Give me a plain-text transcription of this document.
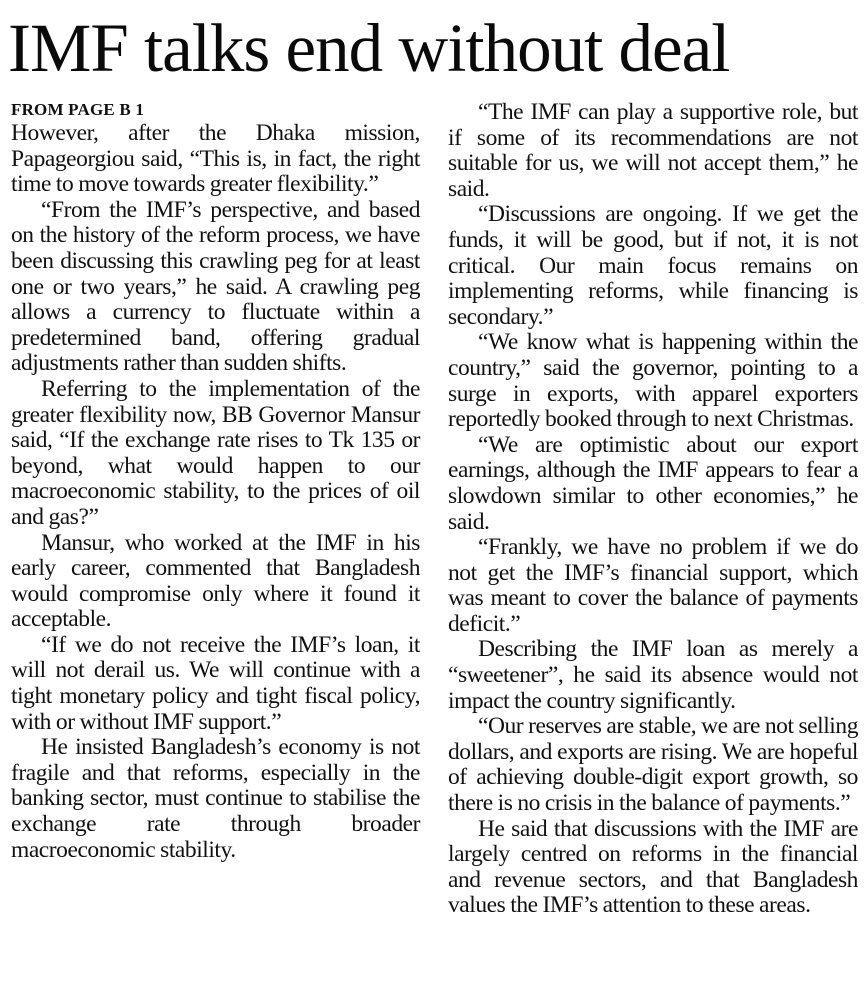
IMF talks end without deal
FROM PAGE B 1

However, after the Dhaka mission, Papageorgiou said, “This is, in fact, the right time to move towards greater flexibility.”

“From the IMF’s perspective, and based on the history of the reform process, we have been discussing this crawling peg for at least one or two years,” he said. A crawling peg allows a currency to fluctuate within a predetermined band, offering gradual adjustments rather than sudden shifts.

Referring to the implementation of the greater flexibility now, BB Governor Mansur said, “If the exchange rate rises to Tk 135 or beyond, what would happen to our macroeconomic stability, to the prices of oil and gas?”

Mansur, who worked at the IMF in his early career, commented that Bangladesh would compromise only where it found it acceptable.

“If we do not receive the IMF’s loan, it will not derail us. We will continue with a tight monetary policy and tight fiscal policy, with or without IMF support.”

He insisted Bangladesh’s economy is not fragile and that reforms, especially in the banking sector, must continue to stabilise the exchange rate through broader macroeconomic stability.

“The IMF can play a supportive role, but if some of its recommendations are not suitable for us, we will not accept them,” he said.

“Discussions are ongoing. If we get the funds, it will be good, but if not, it is not critical. Our main focus remains on implementing reforms, while financing is secondary.”

“We know what is happening within the country,” said the governor, pointing to a surge in exports, with apparel exporters reportedly booked through to next Christmas.

“We are optimistic about our export earnings, although the IMF appears to fear a slowdown similar to other economies,” he said.

“Frankly, we have no problem if we do not get the IMF’s financial support, which was meant to cover the balance of payments deficit.”

Describing the IMF loan as merely a “sweetener”, he said its absence would not impact the country significantly.

“Our reserves are stable, we are not selling dollars, and exports are rising. We are hopeful of achieving double-digit export growth, so there is no crisis in the balance of payments.”

He said that discussions with the IMF are largely centred on reforms in the financial and revenue sectors, and that Bangladesh values the IMF’s attention to these areas.
